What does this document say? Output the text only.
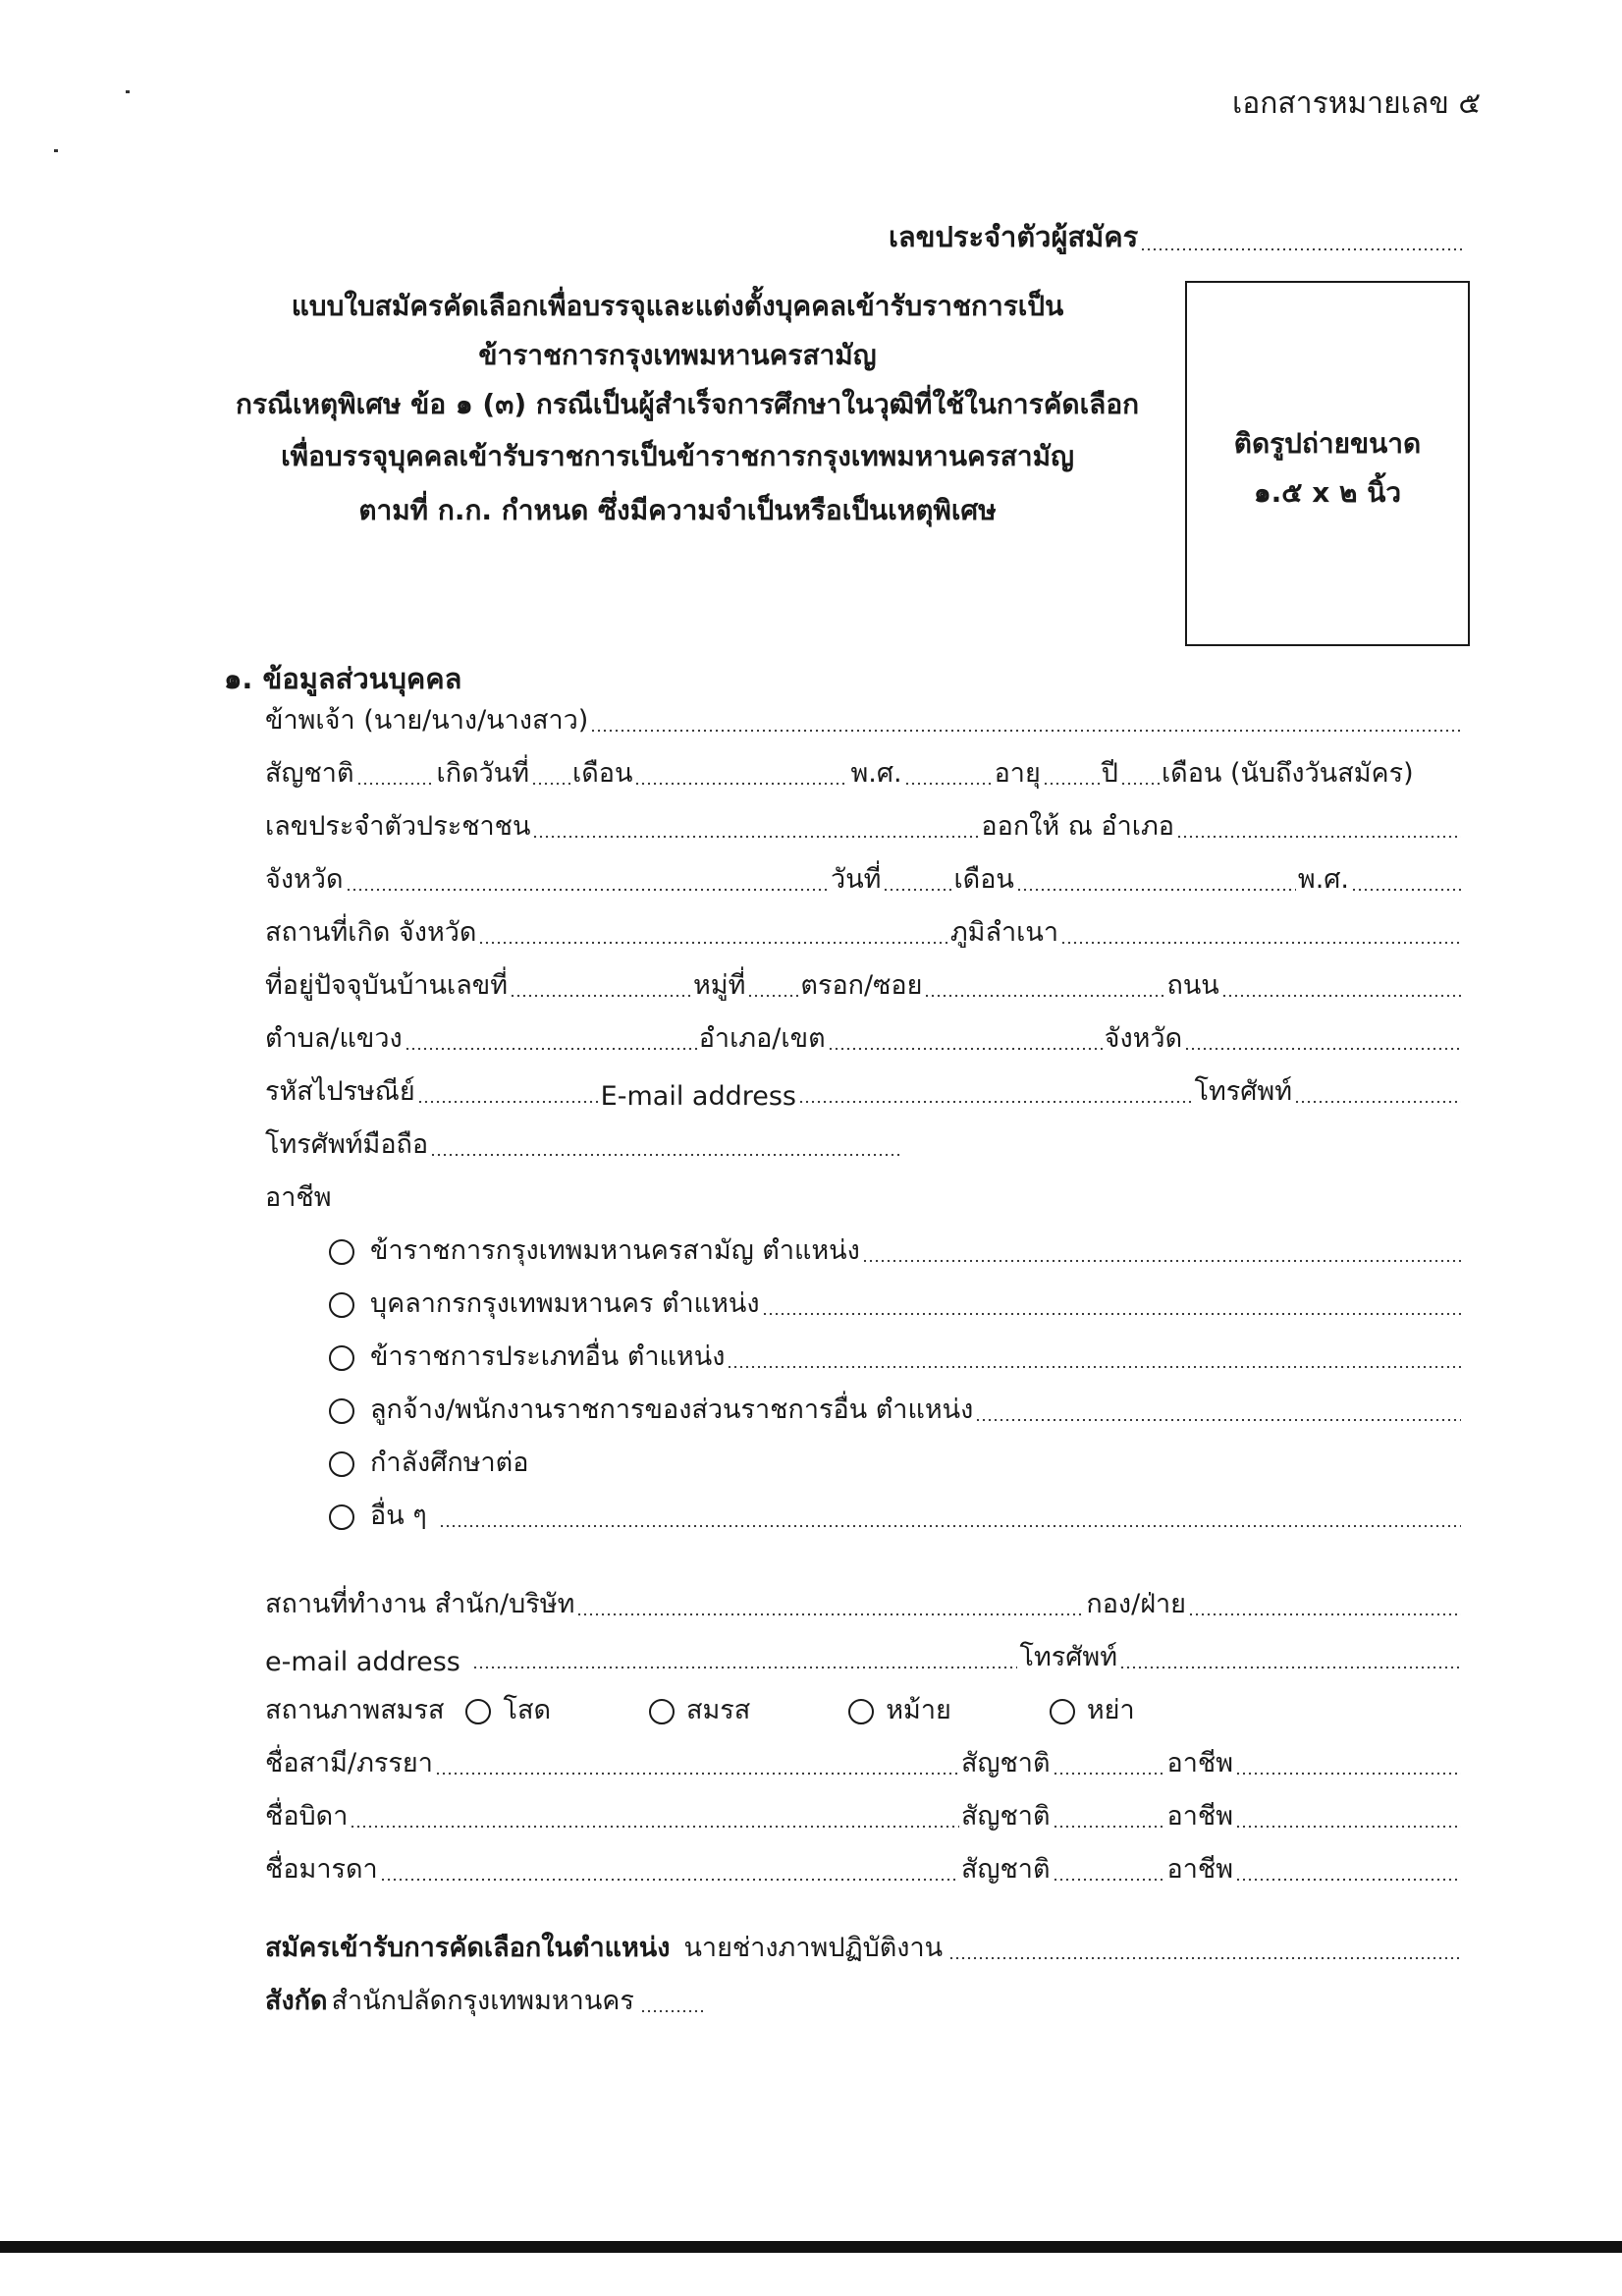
เอกสารหมายเลข ๕
เลขประจำตัวผู้สมัคร
แบบใบสมัครคัดเลือกเพื่อบรรจุและแต่งตั้งบุคคลเข้ารับราชการเป็น
ข้าราชการกรุงเทพมหานครสามัญ
กรณีเหตุพิเศษ ข้อ ๑ (๓) กรณีเป็นผู้สำเร็จการศึกษาในวุฒิที่ใช้ในการคัดเลือก
เพื่อบรรจุบุคคลเข้ารับราชการเป็นข้าราชการกรุงเทพมหานครสามัญ
ตามที่ ก.ก. กำหนด ซึ่งมีความจำเป็นหรือเป็นเหตุพิเศษ
ติดรูปถ่ายขนาด
๑.๕ x ๒ นิ้ว
๑. ข้อมูลส่วนบุคคล
ข้าพเจ้า (นาย/นาง/นางสาว)
สัญชาติ	เกิดวันที่ เดือน	พ.ศ.	อายุ ปี เดือน (นับถึงวันสมัคร)
เลขประจำตัวประชาชน	ออกให้ ณ อำเภอ
จังหวัด	วันที่	เดือน	พ.ศ.
สถานที่เกิด จังหวัด	ภูมิลำเนา
ที่อยู่ปัจจุบันบ้านเลขที่	หมู่ที่ ตรอก/ซอย	ถนน
ตำบล/แขวง	อำเภอ/เขต	จังหวัด
รหัสไปรษณีย์	E-mail address	โทรศัพท์
โทรศัพท์มือถือ
อาชีพ
ข้าราชการกรุงเทพมหานครสามัญ ตำแหน่ง
บุคลากรกรุงเทพมหานคร ตำแหน่ง
ข้าราชการประเภทอื่น ตำแหน่ง
ลูกจ้าง/พนักงานราชการของส่วนราชการอื่น ตำแหน่ง
กำลังศึกษาต่อ
อื่น ๆ
สถานที่ทำงาน สำนัก/บริษัท	กอง/ฝ่าย
e-mail address	โทรศัพท์
สถานภาพสมรส โสด	สมรส	หม้าย	หย่า
ชื่อสามี/ภรรยา	สัญชาติ	อาชีพ
ชื่อบิดา	สัญชาติ	อาชีพ
ชื่อมารดา	สัญชาติ	อาชีพ
สมัครเข้ารับการคัดเลือกในตำแหน่ง นายช่างภาพปฏิบัติงาน
สังกัด สำนักปลัดกรุงเทพมหานคร
